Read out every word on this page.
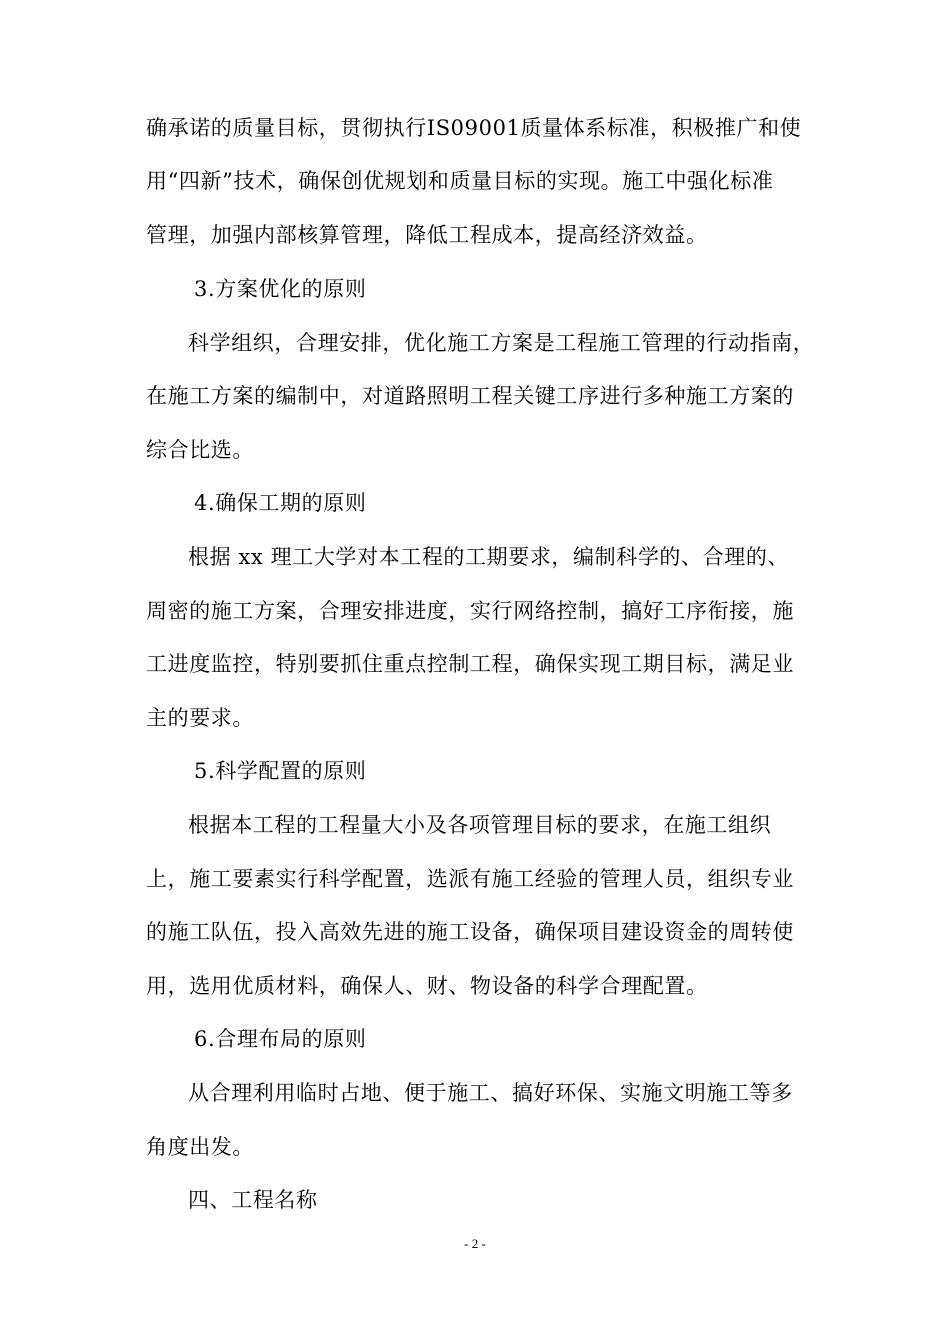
确承诺的质量目标，贯彻执行IS09001质量体系标准，积极推广和使
用“四新”技术，确保创优规划和质量目标的实现。施工中强化标准
管理，加强内部核算管理，降低工程成本，提高经济效益。
3.方案优化的原则
科学组织，合理安排，优化施工方案是工程施工管理的行动指南，
在施工方案的编制中，对道路照明工程关键工序进行多种施工方案的
综合比选。
4.确保工期的原则
根据 xx 理工大学对本工程的工期要求，编制科学的、合理的、
周密的施工方案，合理安排进度，实行网络控制，搞好工序衔接，施
工进度监控，特别要抓住重点控制工程，确保实现工期目标，满足业
主的要求。
5.科学配置的原则
根据本工程的工程量大小及各项管理目标的要求，在施工组织
上，施工要素实行科学配置，选派有施工经验的管理人员，组织专业
的施工队伍，投入高效先进的施工设备，确保项目建设资金的周转使
用，选用优质材料，确保人、财、物设备的科学合理配置。
6.合理布局的原则
从合理利用临时占地、便于施工、搞好环保、实施文明施工等多
角度出发。
四、工程名称
- 2 -
